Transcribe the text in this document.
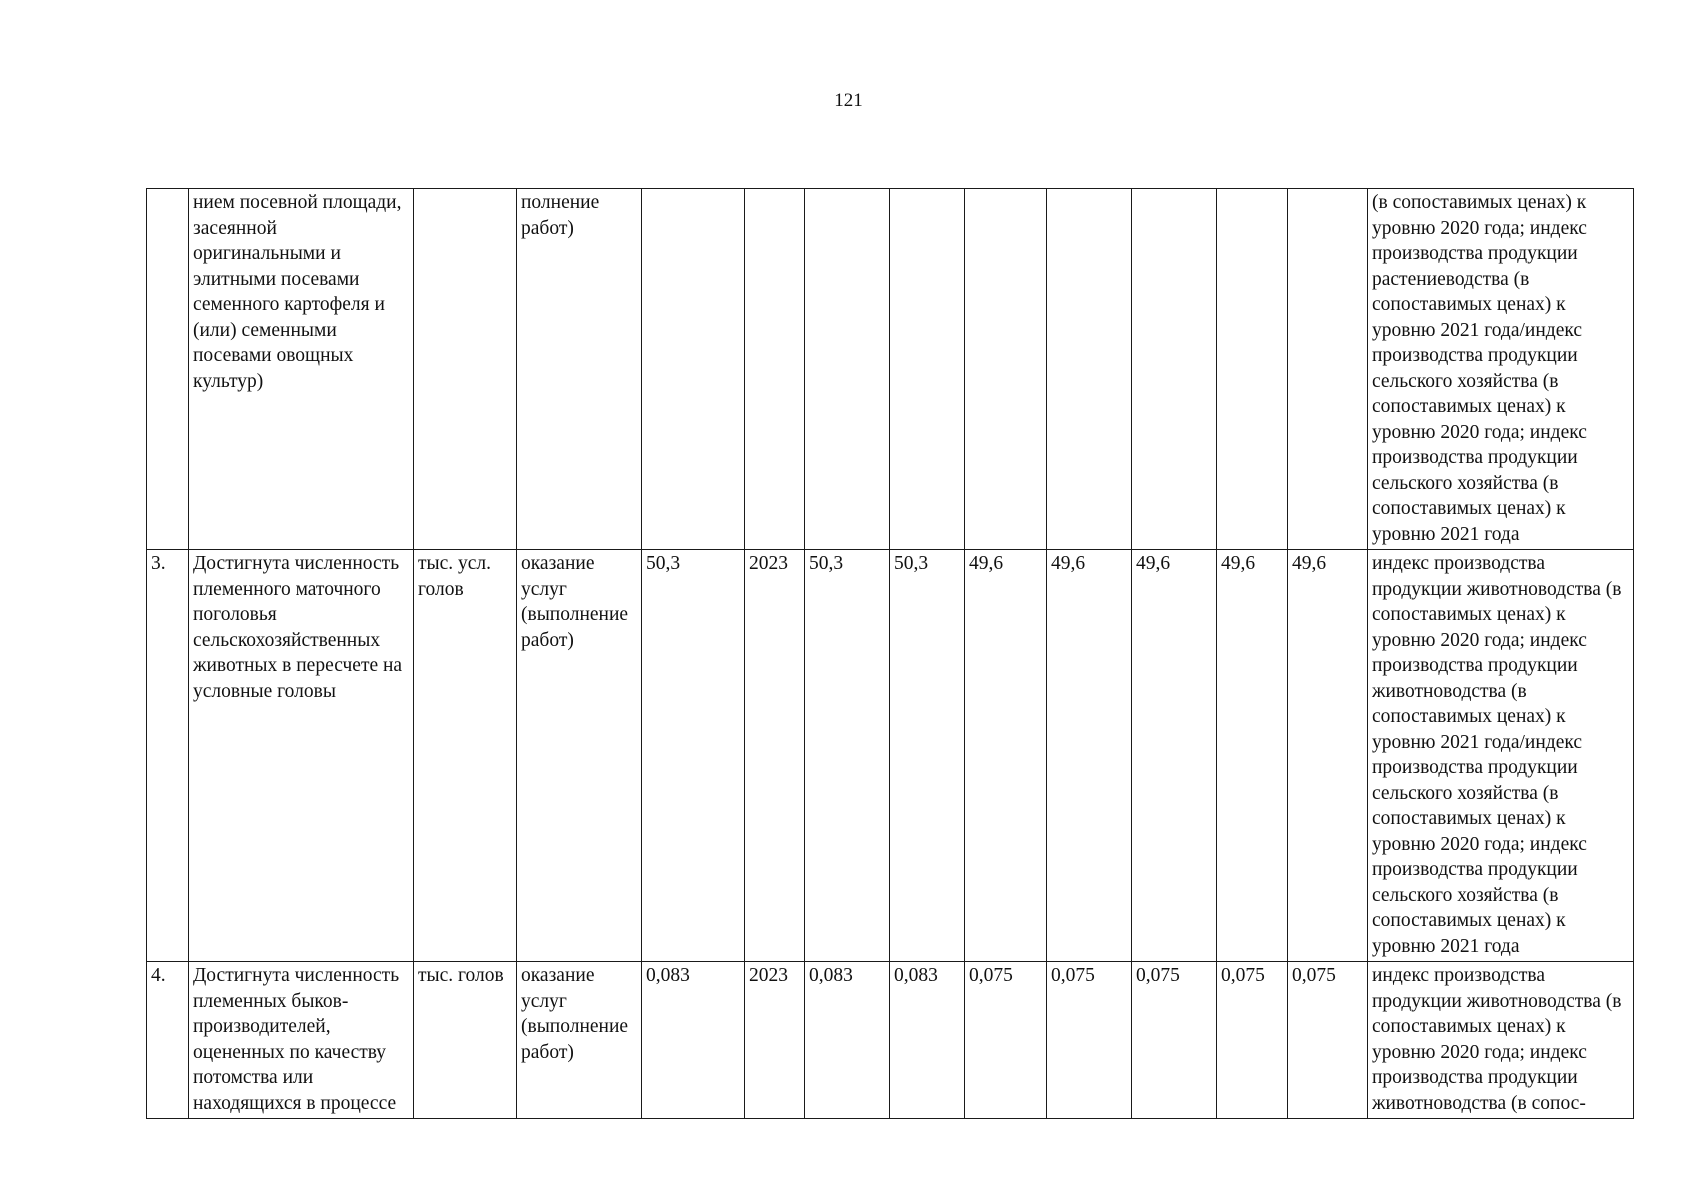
121
	нием посевной площади, засеянной оригинальными и элитными посевами семенного картофеля и (или) семенными посевами овощных культур)		полнение работ)										(в сопоставимых ценах) к уровню 2020 года; индекс производства продукции растениеводства (в сопоставимых ценах) к уровню 2021 года/индекс производства продукции сельского хозяйства (в сопоставимых ценах) к уровню 2020 года; индекс производства продукции сельского хозяйства (в сопоставимых ценах) к уровню 2021 года
3.	Достигнута численность племенного маточного поголовья сельскохозяйственных животных в пересчете на условные головы	тыс. усл. голов	оказание услуг (выполнение работ)	50,3	2023	50,3	50,3	49,6	49,6	49,6	49,6	49,6	индекс производства продукции животноводства (в сопоставимых ценах) к уровню 2020 года; индекс производства продукции животноводства (в сопоставимых ценах) к уровню 2021 года/индекс производства продукции сельского хозяйства (в сопоставимых ценах) к уровню 2020 года; индекс производства продукции сельского хозяйства (в сопоставимых ценах) к уровню 2021 года
4.	Достигнута численность племенных быков-производителей, оцененных по качеству потомства или находящихся в процессе	тыс. голов	оказание услуг (выполнение работ)	0,083	2023	0,083	0,083	0,075	0,075	0,075	0,075	0,075	индекс производства продукции животноводства (в сопоставимых ценах) к уровню 2020 года; индекс производства продукции животноводства (в сопос-
